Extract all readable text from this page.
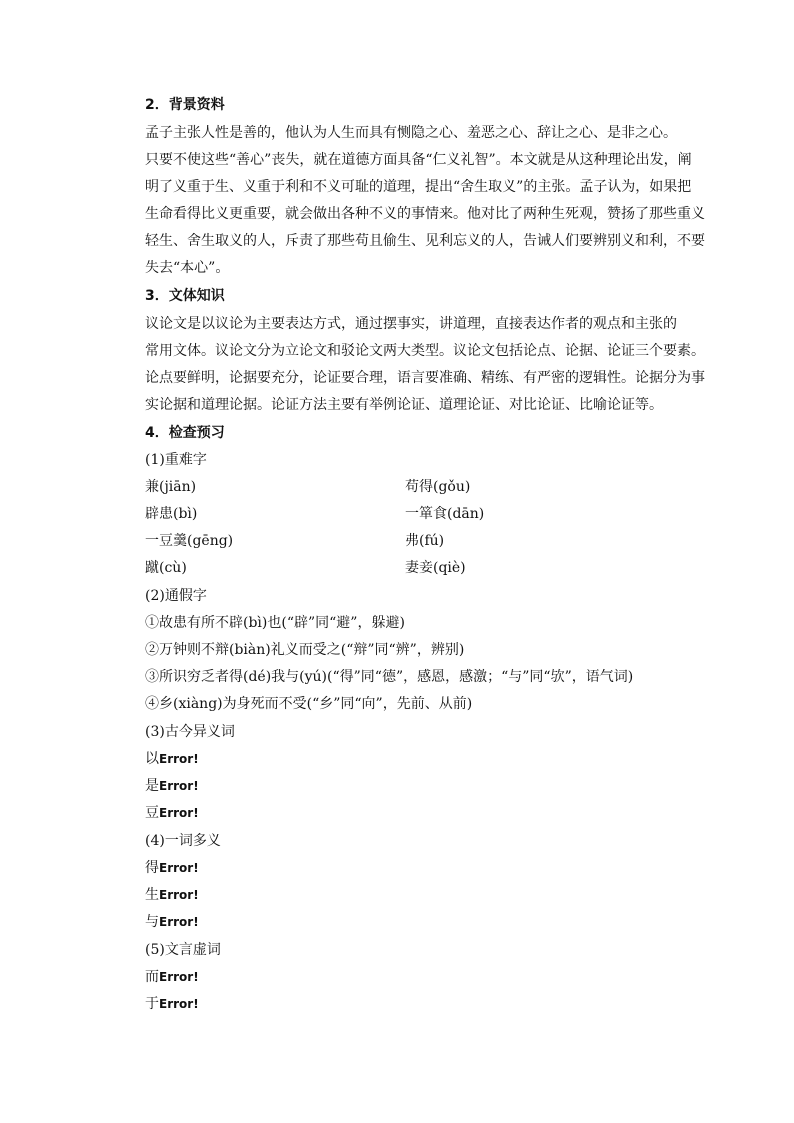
2．背景资料
孟子主张人性是善的，他认为人生而具有恻隐之心、羞恶之心、辞让之心、是非之心。
只要不使这些“善心”丧失，就在道德方面具备“仁义礼智”。本文就是从这种理论出发，阐
明了义重于生、义重于利和不义可耻的道理，提出“舍生取义”的主张。孟子认为，如果把
生命看得比义更重要，就会做出各种不义的事情来。他对比了两种生死观，赞扬了那些重义
轻生、舍生取义的人，斥责了那些苟且偷生、见利忘义的人，告诫人们要辨别义和利，不要
失去“本心”。
3．文体知识
议论文是以议论为主要表达方式，通过摆事实，讲道理，直接表达作者的观点和主张的
常用文体。议论文分为立论文和驳论文两大类型。议论文包括论点、论据、论证三个要素。
论点要鲜明，论据要充分，论证要合理，语言要准确、精练、有严密的逻辑性。论据分为事
实论据和道理论据。论证方法主要有举例论证、道理论证、对比论证、比喻论证等。
4．检查预习
(1)重难字
兼(jiān)	苟得(gǒu)
辟患(bì)	一箪食(dān)
一豆羹(gēng)	弗(fú)
蹴(cù)	妻妾(qiè)
(2)通假字
①故患有所不辟(bì)也(“辟”同“避”，躲避)
②万钟则不辩(biàn)礼义而受之(“辩”同“辨”，辨别)
③所识穷乏者得(dé)我与(yú)(“得”同“德”，感恩，感激；“与”同“欤”，语气词)
④乡(xiàng)为身死而不受(“乡”同“向”，先前、从前)
(3)古今异义词
以Error!
是Error!
豆Error!
(4)一词多义
得Error!
生Error!
与Error!
(5)文言虚词
而Error!
于Error!
